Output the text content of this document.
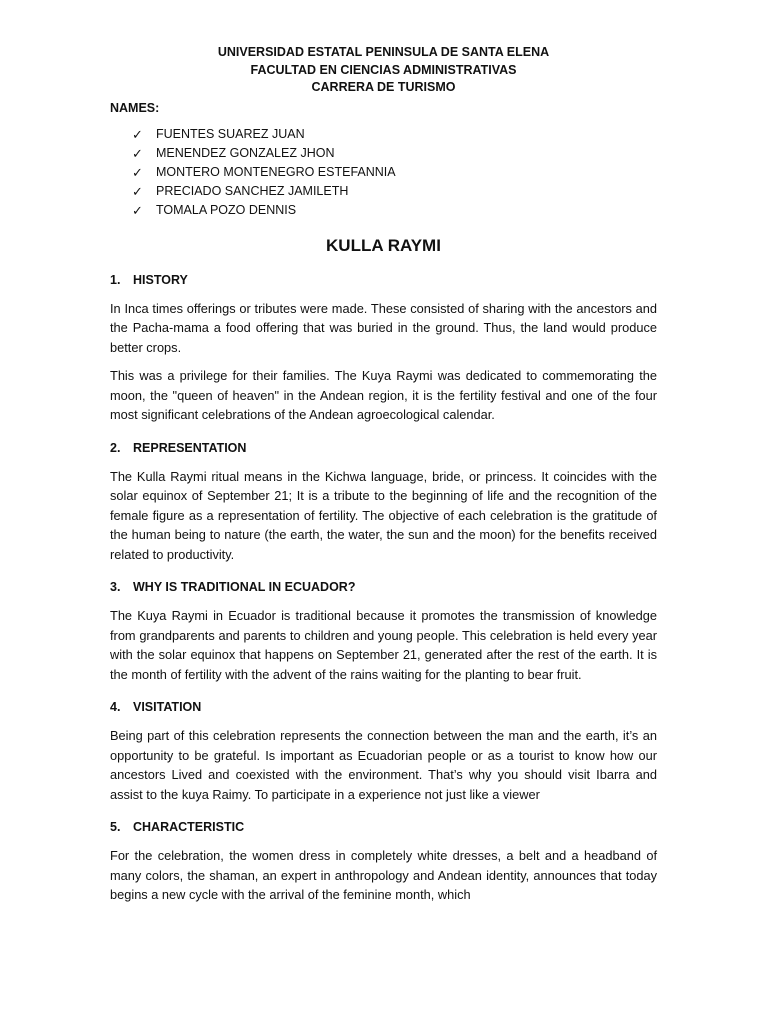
UNIVERSIDAD ESTATAL PENINSULA DE SANTA ELENA
FACULTAD EN CIENCIAS ADMINISTRATIVAS
CARRERA DE TURISMO
NAMES:
✓	FUENTES SUAREZ JUAN
✓	MENENDEZ GONZALEZ JHON
✓	MONTERO MONTENEGRO ESTEFANNIA
✓	PRECIADO SANCHEZ JAMILETH
✓	TOMALA POZO DENNIS
KULLA RAYMI
1.	HISTORY

In Inca times offerings or tributes were made. These consisted of sharing with the ancestors and the Pacha-mama a food offering that was buried in the ground. Thus, the land would produce better crops.

This was a privilege for their families. The Kuya Raymi was dedicated to commemorating the moon, the "queen of heaven" in the Andean region, it is the fertility festival and one of the four most significant celebrations of the Andean agroecological calendar.

2.	REPRESENTATION

The Kulla Raymi ritual means in the Kichwa language, bride, or princess. It coincides with the solar equinox of September 21; It is a tribute to the beginning of life and the recognition of the female figure as a representation of fertility. The objective of each celebration is the gratitude of the human being to nature (the earth, the water, the sun and the moon) for the benefits received related to productivity.

3.	WHY IS TRADITIONAL IN ECUADOR?

The Kuya Raymi in Ecuador is traditional because it promotes the transmission of knowledge from grandparents and parents to children and young people. This celebration is held every year with the solar equinox that happens on September 21, generated after the rest of the earth. It is the month of fertility with the advent of the rains waiting for the planting to bear fruit.

4.	VISITATION

Being part of this celebration represents the connection between the man and the earth, it’s an opportunity to be grateful. Is important as Ecuadorian people or as a tourist to know how our ancestors Lived and coexisted with the environment. That’s why you should visit Ibarra and assist to the kuya Raimy. To participate in a experience not just like a viewer

5.	CHARACTERISTIC

For the celebration, the women dress in completely white dresses, a belt and a headband of many colors, the shaman, an expert in anthropology and Andean identity, announces that today begins a new cycle with the arrival of the feminine month, which
